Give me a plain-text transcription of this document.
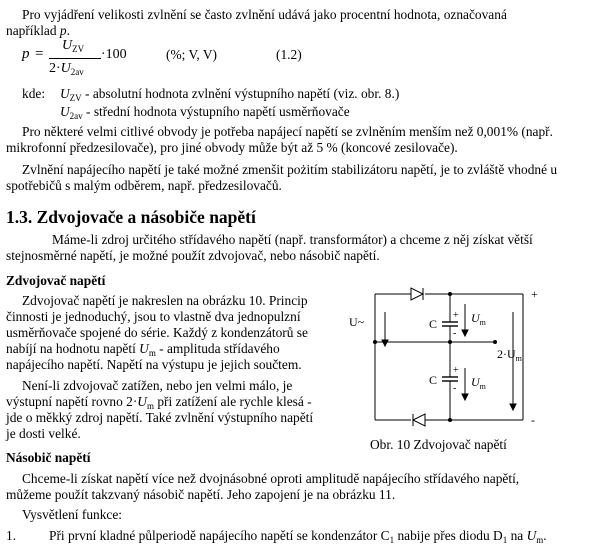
Pro vyjádření velikosti zvlnění se často zvlnění udává jako procentní hodnota, označovaná
například p.
p =
$U_{ZV}$
$2\cdot U_{2av}$
·100	(%; V, V)	(1.2)
kde: $U_{ZV}$ - absolutní hodnota zvlnění výstupního napětí (viz. obr. 8.)
$U_{2av}$ - střední hodnota výstupního napětí usměrňovače
Pro některé velmi citlivé obvody je potřeba napájecí napětí se zvlněním menším než 0,001% (např.
mikrofonní předzesilovače), pro jiné obvody může být až 5 % (koncové zesilovače).
Zvlnění napájecího napětí je také možné zmenšit pożitím stabilizátoru napětí, je to zvláště vhodné u
spotřebičů s malým odběrem, např. předzesilovačů.
1.3. Zdvojovače a násobiče napětí
Máme-li zdroj určitého střídavého napětí (např. transformátor) a chceme z něj získat větší
stejnosměrné napětí, je možné použít zdvojovač, nebo násobič napětí.
Zdvojovač napětí
Zdvojovač napětí je nakreslen na obrázku 10. Princip
činnosti je jednoduchý, jsou to vlastně dva jednopulzní
usměrňovače spojené do série. Každý z kondenzátorů se
nabíjí na hodnotu napětí $U_m$ - amplituda střídavého
napájecího napětí. Napětí na výstupu je jejich součtem.
Není-li zdvojovač zatížen, nebo jen velmi málo, je
výstupní napětí rovno $2\cdot U_m$ při zatížení ale rychle klesá -
jde o měkký zdroj napětí. Také zvlnění výstupního napětí
je dosti velké.
+
-
U~	C
C
+
-
+
-
$U_m$
$U_m$
$2\cdot U_m$
Obr. 10 Zdvojovač napětí
Násobič napětí
Chceme-li získat napětí více než dvojnásobné oproti amplitudě napájecího střídavého napětí,
můžeme použít takzvaný násobič napětí. Jeho zapojení je na obrázku 11.
Vysvětlení funkce:
1. Při první kladné půlperiodě napájecího napětí se kondenzátor $C_1$ nabije přes diodu $D_1$ na $U_m$.
